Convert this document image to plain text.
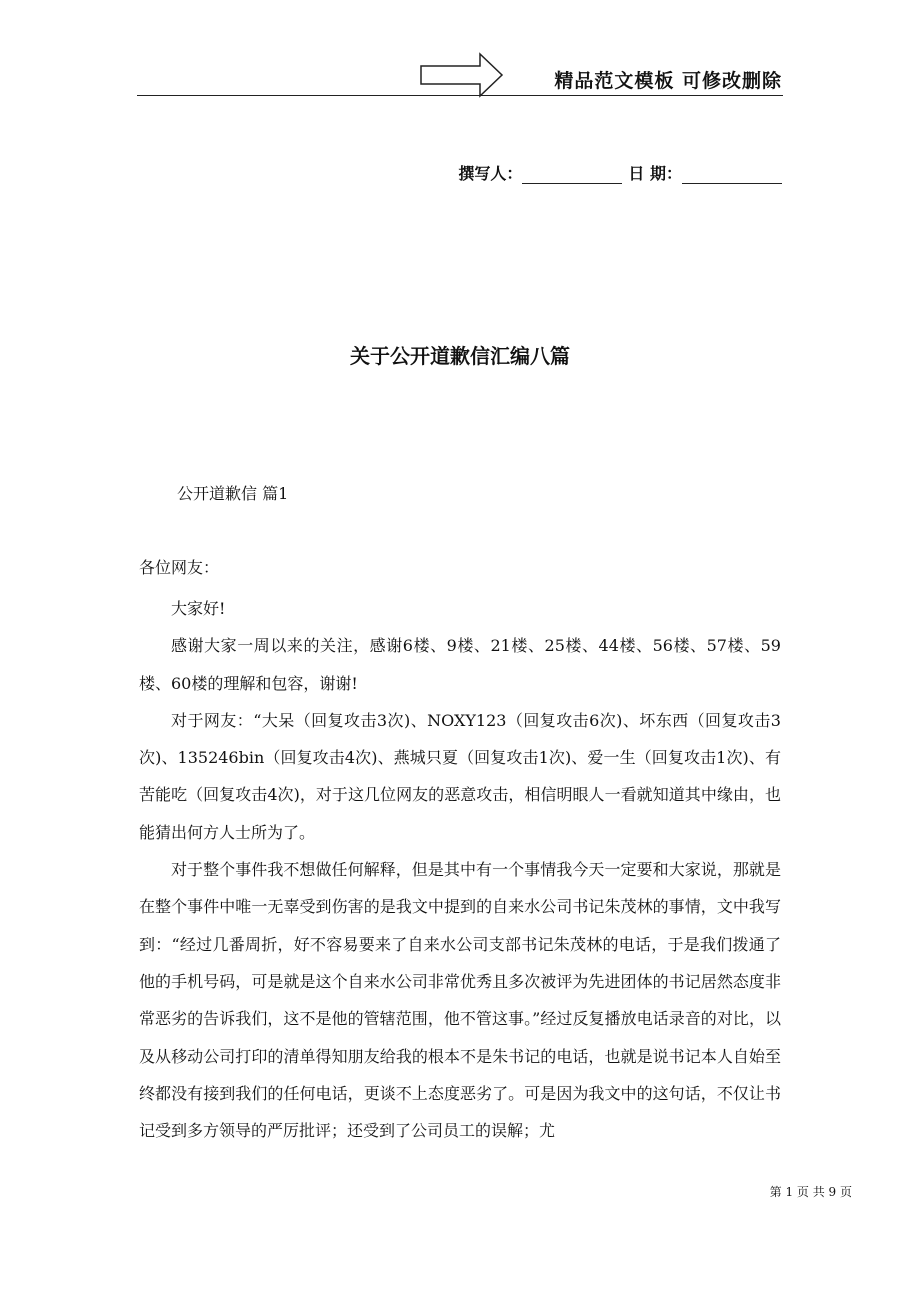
精品范文模板 可修改删除
撰写人：	日 期：
关于公开道歉信汇编八篇
公开道歉信 篇1
各位网友：

大家好!

感谢大家一周以来的关注，感谢6楼、9楼、21楼、25楼、44楼、56楼、57楼、59楼、60楼的理解和包容，谢谢!

对于网友：“大呆（回复攻击3次)、NOXY123（回复攻击6次)、坏东西（回复攻击3次)、135246bin（回复攻击4次)、燕城只夏（回复攻击1次)、爱一生（回复攻击1次)、有苦能吃（回复攻击4次)，对于这几位网友的恶意攻击，相信明眼人一看就知道其中缘由，也能猜出何方人士所为了。

对于整个事件我不想做任何解释，但是其中有一个事情我今天一定要和大家说，那就是在整个事件中唯一无辜受到伤害的是我文中提到的自来水公司书记朱茂林的事情，文中我写到：“经过几番周折，好不容易要来了自来水公司支部书记朱茂林的电话，于是我们拨通了他的手机号码，可是就是这个自来水公司非常优秀且多次被评为先进团体的书记居然态度非常恶劣的告诉我们，这不是他的管辖范围，他不管这事。”经过反复播放电话录音的对比，以及从移动公司打印的清单得知朋友给我的根本不是朱书记的电话，也就是说书记本人自始至终都没有接到我们的任何电话，更谈不上态度恶劣了。可是因为我文中的这句话，不仅让书记受到多方领导的严厉批评；还受到了公司员工的误解；尤

第 1 页 共 9 页
